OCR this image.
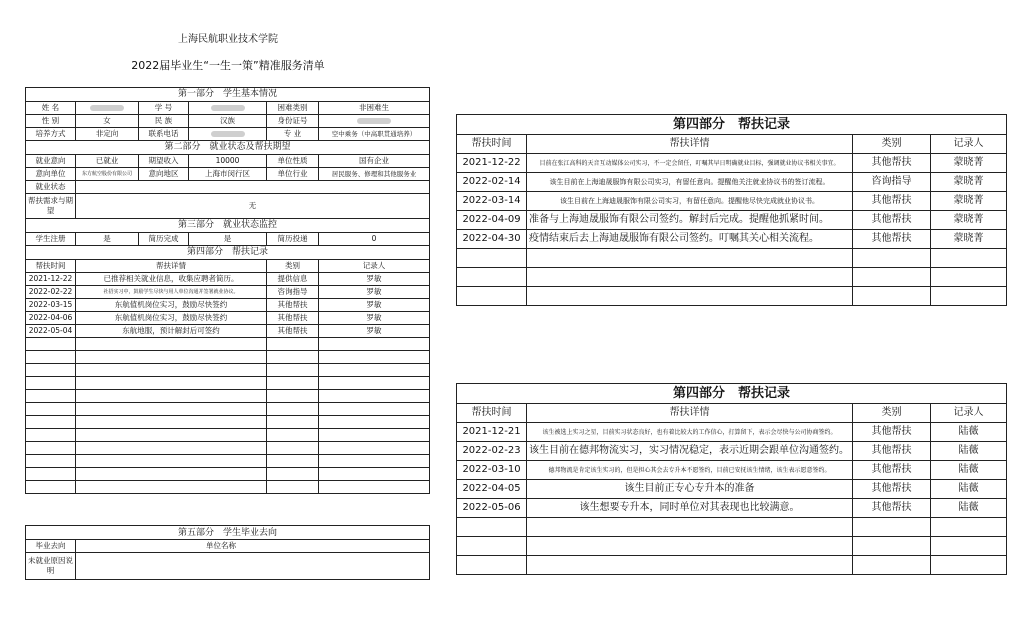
上海民航职业技术学院
2022届毕业生“一生一策”精准服务清单
第一部分　学生基本情况					
姓 名		学 号		困难类别	非困难生
性 别	女	民 族	汉族	身份证号	
培养方式	非定向	联系电话		专 业	空中乘务（中高职贯通培养）
第二部分　就业状态及帮扶期望					
就业意向	已就业	期望收入	10000	单位性质	国有企业
意向单位	东方航空股份有限公司	意向地区	上海市闵行区	单位行业	居民服务、修理和其他服务业
就业状态					
帮扶需求与期望	无				
第三部分　就业状态监控					
学生注册	是	简历完成	是	简历投递	0
第四部分　帮扶记录					
帮扶时间	帮扶详情			类别	记录人
2021-12-22	已推荐相关就业信息，收集应聘者简历。			提供信息	罗敏
2022-02-22	社招实习中，鼓励学生尽快与用人单位沟通并签署就业协议。			咨询指导	罗敏
2022-03-15	东航值机岗位实习，鼓励尽快签约			其他帮扶	罗敏
2022-04-06	东航值机岗位实习，鼓励尽快签约			其他帮扶	罗敏
2022-05-04	东航地服，预计解封后可签约			其他帮扶	罗敏

第五部分　学生毕业去向	
毕业去向	单位名称
未就业原因说明	
第四部分　帮扶记录			
帮扶时间	帮扶详情	类别	记录人
2021-12-22	目前在张江高科的天音互动媒体公司实习，不一定会留任，叮嘱其早日明确就业目标，强调就业协议书相关事宜。	其他帮扶	蒙晓菁
2022-02-14	该生目前在上海迪晟服饰有限公司实习，有留任意向。提醒他关注就业协议书的签订流程。	咨询指导	蒙晓菁
2022-03-14	该生目前在上海迪晟服饰有限公司实习，有留任意向。提醒他尽快完成就业协议书。	其他帮扶	蒙晓菁
2022-04-09	准备与上海迪晟服饰有限公司签约。解封后完成。提醒他抓紧时间。	其他帮扶	蒙晓菁
2022-04-30	疫情结束后去上海迪晟服饰有限公司签约。叮嘱其关心相关流程。	其他帮扶	蒙晓菁

第四部分　帮扶记录			
帮扶时间	帮扶详情	类别	记录人
2021-12-21	该生被选上实习之星，目前实习状态良好，也有着比较大的工作信心，打算留下，表示会尽快与公司协商签约。	其他帮扶	陆薇
2022-02-23	该生目前在德邦物流实习，实习情况稳定，表示近期会跟单位沟通签约。	其他帮扶	陆薇
2022-03-10	德邦物流是肯定该生实习的，但是担心其会去专升本不愿签约，目前已安抚该生情绪，该生表示愿意签约。	其他帮扶	陆薇
2022-04-05	该生目前正专心专升本的准备	其他帮扶	陆薇
2022-05-06	该生想要专升本，同时单位对其表现也比较满意。	其他帮扶	陆薇
